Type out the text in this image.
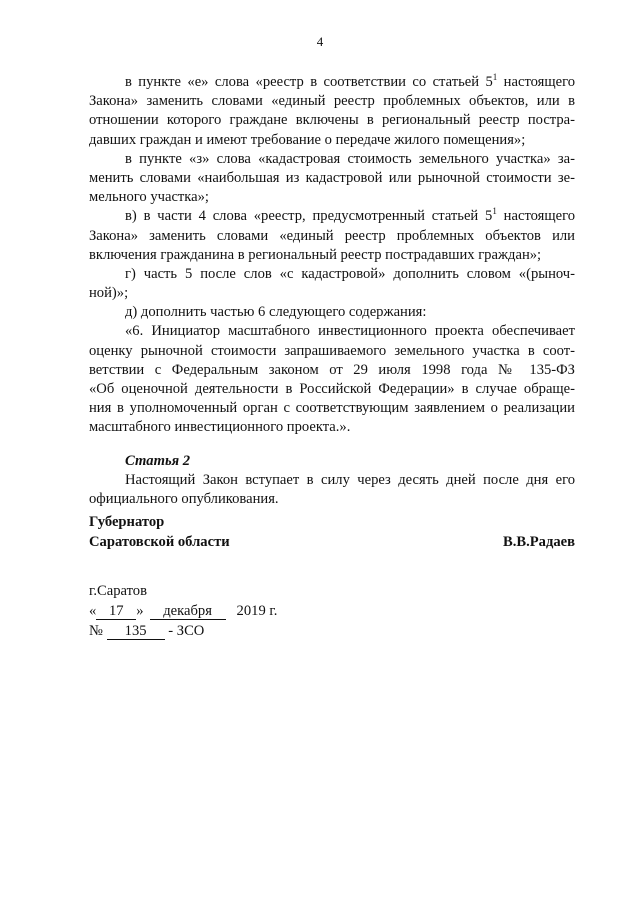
4
в пункте «е» слова «реестр в соответствии со статьей $5^1$ настоящего
Закона» заменить словами «единый реестр проблемных объектов, или в
отношении которого граждане включены в региональный реестр постра-
давших граждан и имеют требование о передаче жилого помещения»;
в пункте «з» слова «кадастровая стоимость земельного участка» за-
менить словами «наибольшая из кадастровой или рыночной стоимости зе-
мельного участка»;
в) в части 4 слова «реестр, предусмотренный статьей $5^1$ настоящего
Закона» заменить словами «единый реестр проблемных объектов или
включения гражданина в региональный реестр пострадавших граждан»;
г) часть 5 после слов «с кадастровой» дополнить словом «(рыноч-
ной)»;
д) дополнить частью 6 следующего содержания:
«6. Инициатор масштабного инвестиционного проекта обеспечивает
оценку рыночной стоимости запрашиваемого земельного участка в соот-
ветствии с Федеральным законом от 29 июля 1998 года № 135-ФЗ
«Об оценочной деятельности в Российской Федерации» в случае обраще-
ния в уполномоченный орган с соответствующим заявлением о реализации
масштабного инвестиционного проекта.».
Статья 2
Настоящий Закон вступает в силу через десять дней после дня его
официального опубликования.
Губернатор
Саратовской области	В.В.Радаев
г.Саратов
« 17 » декабря 2019 г.
№ 135 - ЗСО
